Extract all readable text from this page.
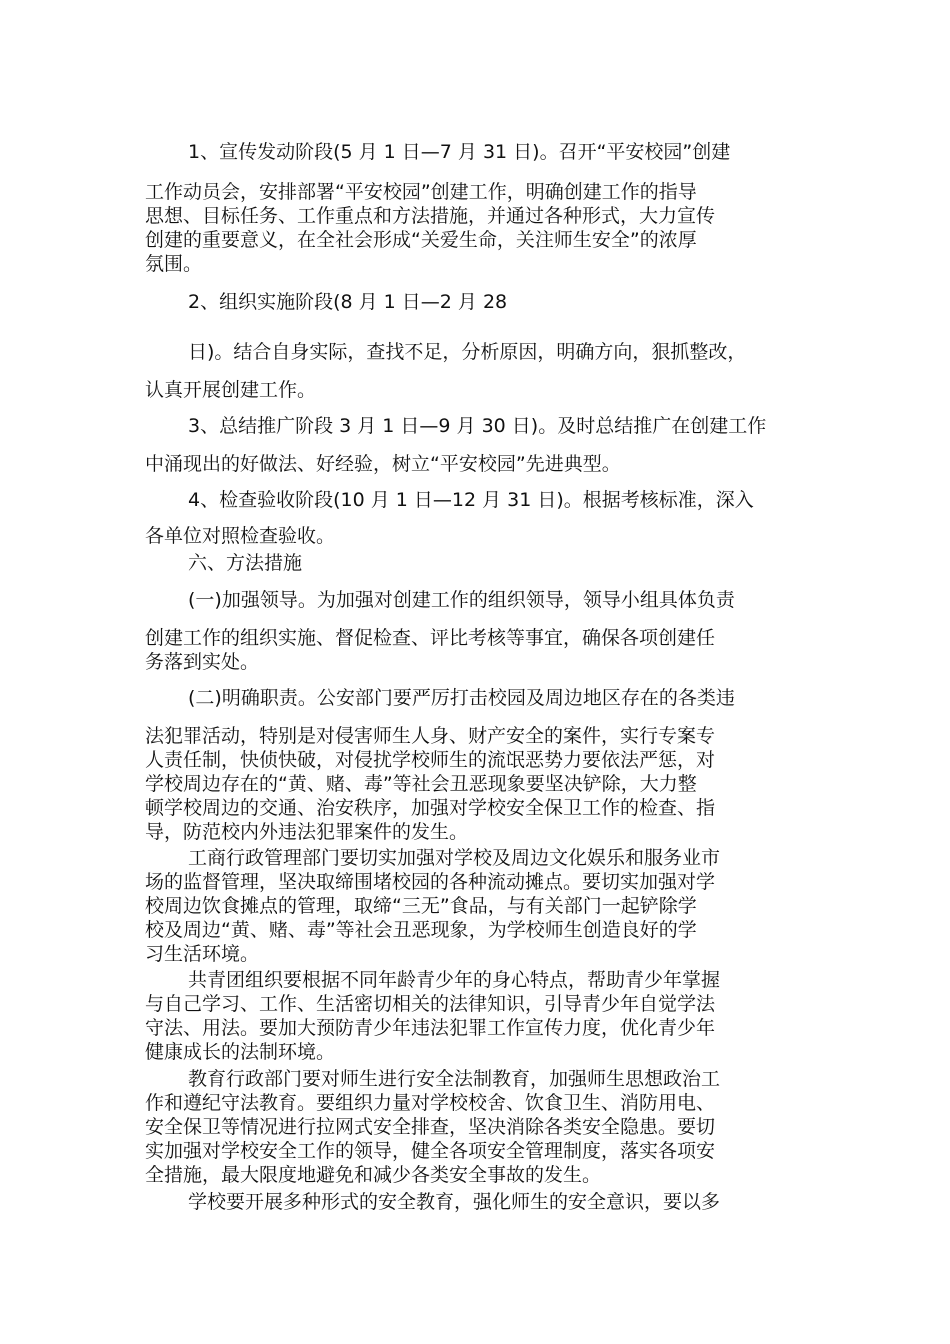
1、宣传发动阶段(5 月 1 日—7 月 31 日)。召开“平安校园”创建
工作动员会，安排部署“平安校园”创建工作，明确创建工作的指导
思想、目标任务、工作重点和方法措施，并通过各种形式，大力宣传
创建的重要意义，在全社会形成“关爱生命，关注师生安全”的浓厚
氛围。
2、组织实施阶段(8 月 1 日—2 月 28
日)。结合自身实际，查找不足，分析原因，明确方向，狠抓整改，
认真开展创建工作。
3、总结推广阶段 3 月 1 日—9 月 30 日)。及时总结推广在创建工作
中涌现出的好做法、好经验，树立“平安校园”先进典型。
4、检查验收阶段(10 月 1 日—12 月 31 日)。根据考核标准，深入
各单位对照检查验收。
六、方法措施
(一)加强领导。为加强对创建工作的组织领导，领导小组具体负责
创建工作的组织实施、督促检查、评比考核等事宜，确保各项创建任
务落到实处。
(二)明确职责。公安部门要严厉打击校园及周边地区存在的各类违
法犯罪活动，特别是对侵害师生人身、财产安全的案件，实行专案专
人责任制，快侦快破，对侵扰学校师生的流氓恶势力要依法严惩，对
学校周边存在的“黄、赌、毒”等社会丑恶现象要坚决铲除，大力整
顿学校周边的交通、治安秩序，加强对学校安全保卫工作的检查、指
导，防范校内外违法犯罪案件的发生。
工商行政管理部门要切实加强对学校及周边文化娱乐和服务业市
场的监督管理，坚决取缔围堵校园的各种流动摊点。要切实加强对学
校周边饮食摊点的管理，取缔“三无”食品，与有关部门一起铲除学
校及周边“黄、赌、毒”等社会丑恶现象，为学校师生创造良好的学
习生活环境。
共青团组织要根据不同年龄青少年的身心特点，帮助青少年掌握
与自己学习、工作、生活密切相关的法律知识，引导青少年自觉学法
守法、用法。要加大预防青少年违法犯罪工作宣传力度，优化青少年
健康成长的法制环境。
教育行政部门要对师生进行安全法制教育，加强师生思想政治工
作和遵纪守法教育。要组织力量对学校校舍、饮食卫生、消防用电、
安全保卫等情况进行拉网式安全排查，坚决消除各类安全隐患。要切
实加强对学校安全工作的领导，健全各项安全管理制度，落实各项安
全措施，最大限度地避免和减少各类安全事故的发生。
学校要开展多种形式的安全教育，强化师生的安全意识，要以多
